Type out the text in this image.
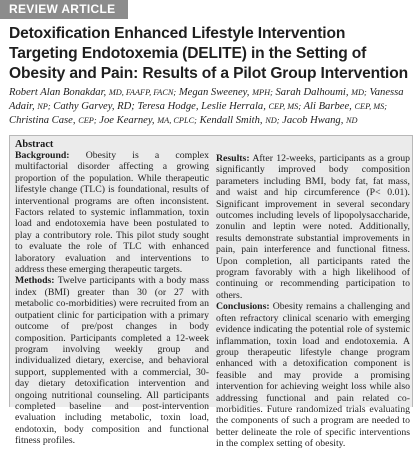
REVIEW ARTICLE
Detoxification Enhanced Lifestyle Intervention Targeting Endotoxemia (DELITE) in the Setting of Obesity and Pain: Results of a Pilot Group Intervention
Robert Alan Bonakdar, MD, FAAFP, FACN; Megan Sweeney, MPH; Sarah Dalhoumi, MD; Vanessa Adair, NP; Cathy Garvey, RD; Teresa Hodge, Leslie Herrala, CEP, MS; Ali Barbee, CEP, MS; Christina Case, CEP; Joe Kearney, MA, CPLC; Kendall Smith, ND; Jacob Hwang, ND
Abstract

Background: Obesity is a complex multifactorial disorder affecting a growing proportion of the population. While therapeutic lifestyle change (TLC) is foundational, results of interventional programs are often inconsistent. Factors related to systemic inflammation, toxin load and endotoxemia have been postulated to play a contributory role. This pilot study sought to evaluate the role of TLC with enhanced laboratory evaluation and interventions to address these emerging therapeutic targets.

Methods: Twelve participants with a body mass index (BMI) greater than 30 (or 27 with metabolic co-morbidities) were recruited from an outpatient clinic for participation with a primary outcome of pre/post changes in body composition. Participants completed a 12-week program involving weekly group and individualized dietary, exercise, and behavioral support, supplemented with a commercial, 30-day dietary detoxification intervention and ongoing nutritional counseling. All participants completed baseline and post-intervention evaluation including metabolic, toxin load, endotoxin, body composition and functional fitness profiles.

Results: After 12-weeks, participants as a group significantly improved body composition parameters including BMI, body fat, fat mass, and waist and hip circumference (P< 0.01). Significant improvement in several secondary outcomes including levels of lipopolysaccharide, zonulin and leptin were noted. Additionally, results demonstrate substantial improvements in pain, pain interference and functional fitness. Upon completion, all participants rated the program favorably with a high likelihood of continuing or recommending participation to others.

Conclusions: Obesity remains a challenging and often refractory clinical scenario with emerging evidence indicating the potential role of systemic inflammation, toxin load and endotoxemia. A group therapeutic lifestyle change program enhanced with a detoxification component is feasible and may provide a promising intervention for achieving weight loss while also addressing functional and pain related co-morbidities. Future randomized trials evaluating the components of such a program are needed to better delineate the role of specific interventions in the complex setting of obesity.
